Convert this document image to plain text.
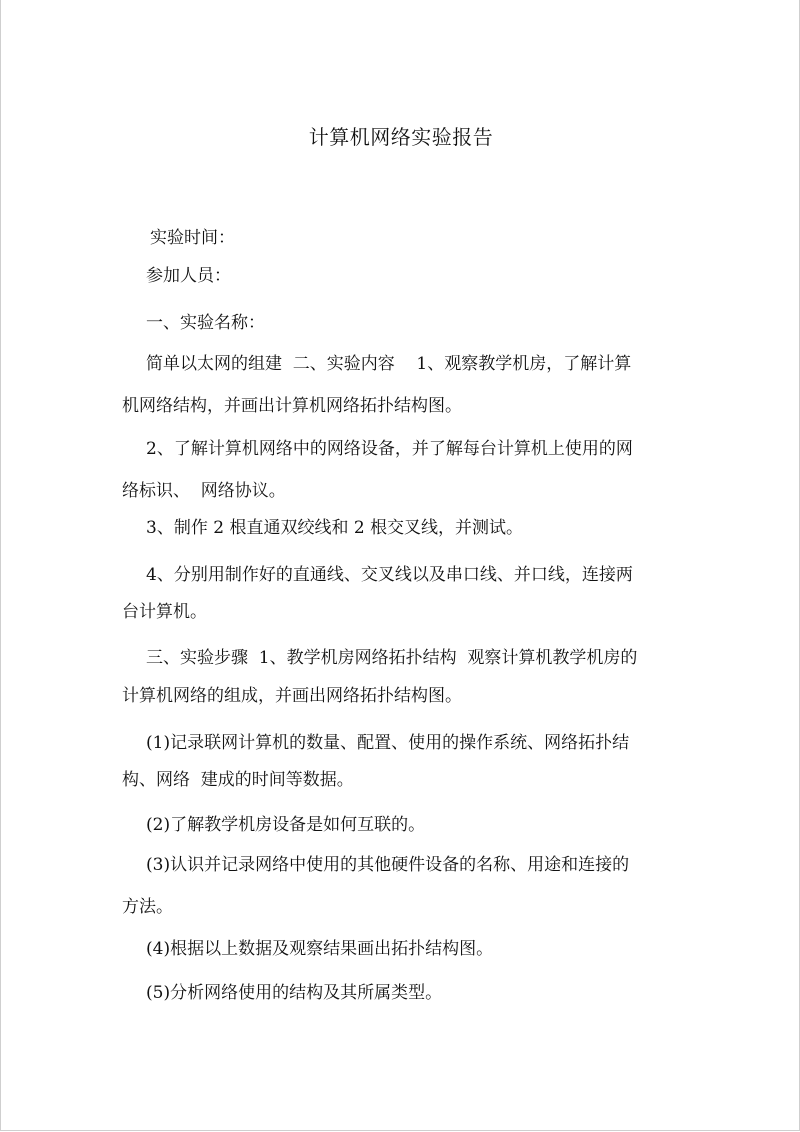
计算机网络实验报告
实验时间：
参加人员：
一、实验名称：
简单以太网的组建  二、实验内容    1、观察教学机房，了解计算
机网络结构，并画出计算机网络拓扑结构图。
2、了解计算机网络中的网络设备，并了解每台计算机上使用的网
络标识、  网络协议。
3、制作 2 根直通双绞线和 2 根交叉线，并测试。
4、分别用制作好的直通线、交叉线以及串口线、并口线，连接两
台计算机。
三、实验步骤  1、教学机房网络拓扑结构  观察计算机教学机房的
计算机网络的组成，并画出网络拓扑结构图。
(1)记录联网计算机的数量、配置、使用的操作系统、网络拓扑结
构、网络  建成的时间等数据。
(2)了解教学机房设备是如何互联的。
(3)认识并记录网络中使用的其他硬件设备的名称、用途和连接的
方法。
(4)根据以上数据及观察结果画出拓扑结构图。
(5)分析网络使用的结构及其所属类型。
